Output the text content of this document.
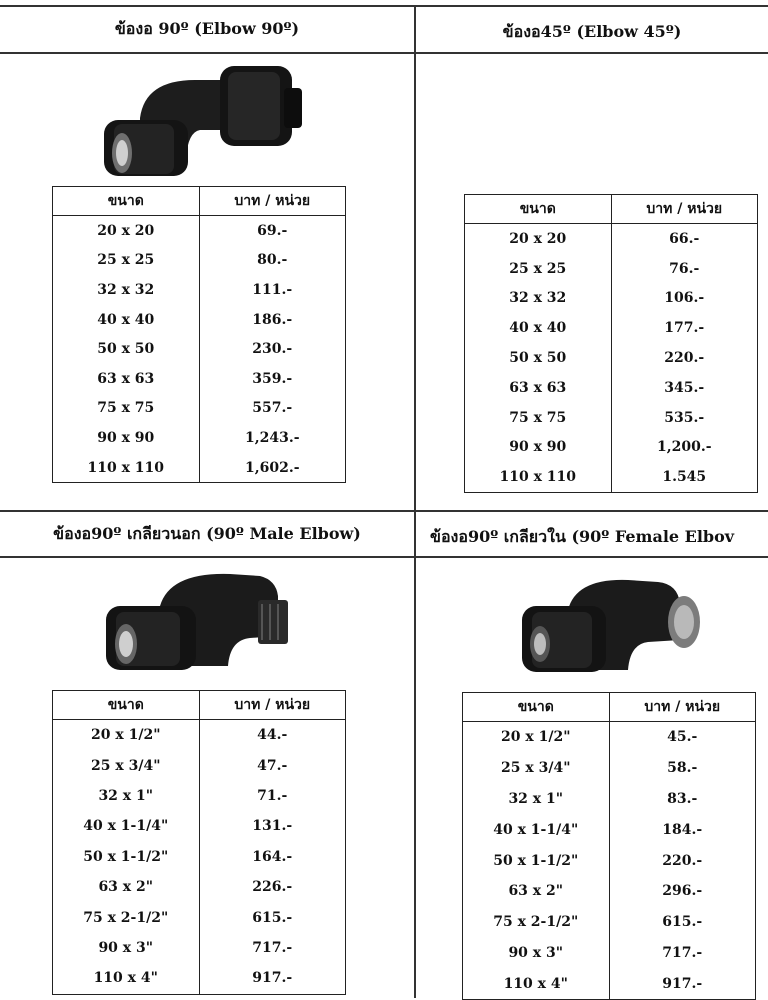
ข้องอ 90º (Elbow 90º)	ข้องอ45º (Elbow 45º)
ข้องอ90º เกลียวนอก (90º Male Elbow)	ข้องอ90º เกลียวใน (90º Female Elbov
ขนาด	บาท / หน่วย
20 x 20	69.-
25 x 25	80.-
32 x 32	111.-
40 x 40	186.-
50 x 50	230.-
63 x 63	359.-
75 x 75	557.-
90 x 90	1,243.-
110 x 110	1,602.-
ขนาด	บาท / หน่วย
20 x 20	66.-
25 x 25	76.-
32 x 32	106.-
40 x 40	177.-
50 x 50	220.-
63 x 63	345.-
75 x 75	535.-
90 x 90	1,200.-
110 x 110	1.545
ขนาด	บาท / หน่วย
20 x 1/2"	44.-
25 x 3/4"	47.-
32 x 1"	71.-
40 x 1-1/4"	131.-
50 x 1-1/2"	164.-
63 x 2"	226.-
75 x 2-1/2"	615.-
90 x 3"	717.-
110 x 4"	917.-
ขนาด	บาท / หน่วย
20 x 1/2"	45.-
25 x 3/4"	58.-
32 x 1"	83.-
40 x 1-1/4"	184.-
50 x 1-1/2"	220.-
63 x 2"	296.-
75 x 2-1/2"	615.-
90 x 3"	717.-
110 x 4"	917.-
